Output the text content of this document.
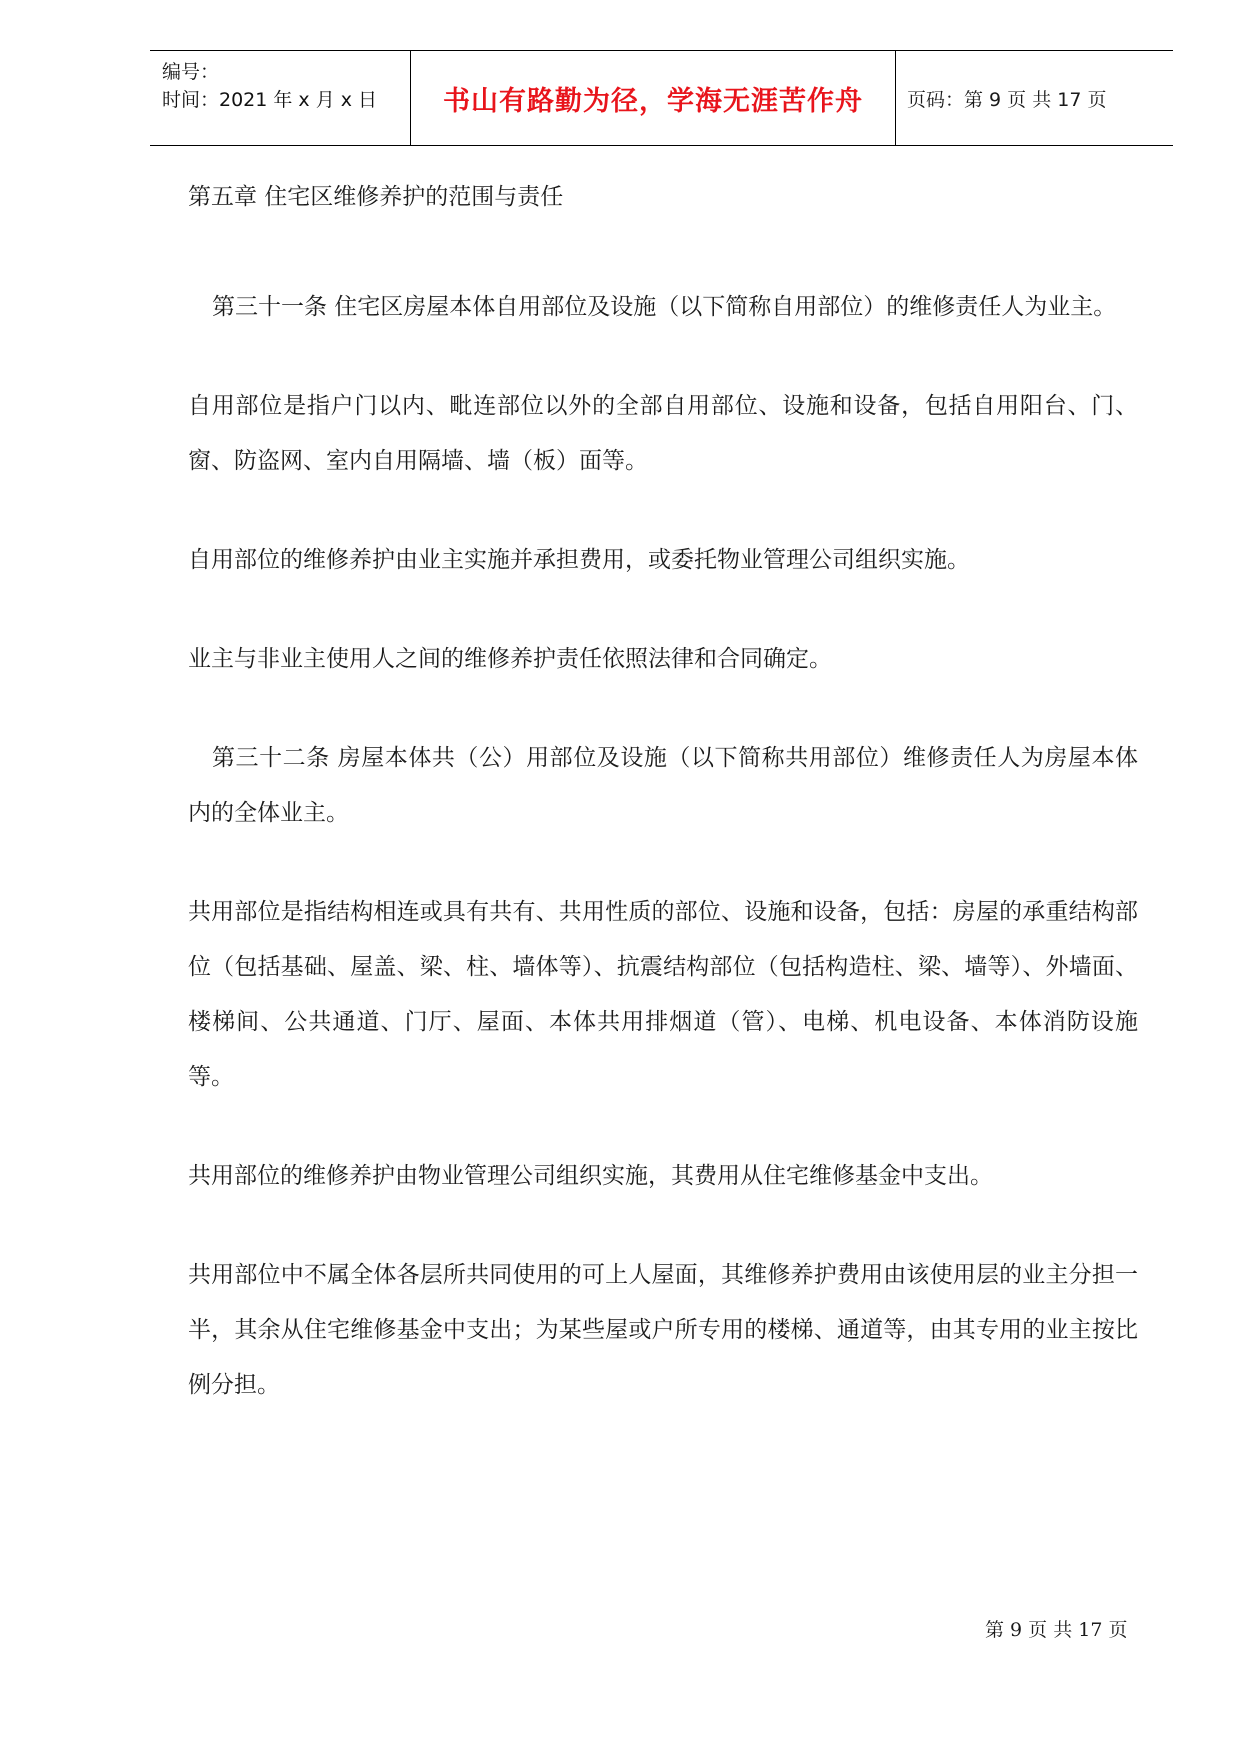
编号：
时间：2021 年 x 月 x 日 书山有路勤为径，学海无涯苦作舟 页码：第 9 页 共 17 页
第五章 住宅区维修养护的范围与责任

第三十一条 住宅区房屋本体自用部位及设施（以下简称自用部位）的维修责任人为业主。

自用部位是指户门以内、毗连部位以外的全部自用部位、设施和设备，包括自用阳台、门、窗、防盗网、室内自用隔墙、墙（板）面等。

自用部位的维修养护由业主实施并承担费用，或委托物业管理公司组织实施。

业主与非业主使用人之间的维修养护责任依照法律和合同确定。

第三十二条 房屋本体共（公）用部位及设施（以下简称共用部位）维修责任人为房屋本体内的全体业主。

共用部位是指结构相连或具有共有、共用性质的部位、设施和设备，包括：房屋的承重结构部位（包括基础、屋盖、梁、柱、墙体等）、抗震结构部位（包括构造柱、梁、墙等）、外墙面、楼梯间、公共通道、门厅、屋面、本体共用排烟道（管）、电梯、机电设备、本体消防设施等。

共用部位的维修养护由物业管理公司组织实施，其费用从住宅维修基金中支出。

共用部位中不属全体各层所共同使用的可上人屋面，其维修养护费用由该使用层的业主分担一半，其余从住宅维修基金中支出；为某些屋或户所专用的楼梯、通道等，由其专用的业主按比例分担。

第 9 页 共 17 页
